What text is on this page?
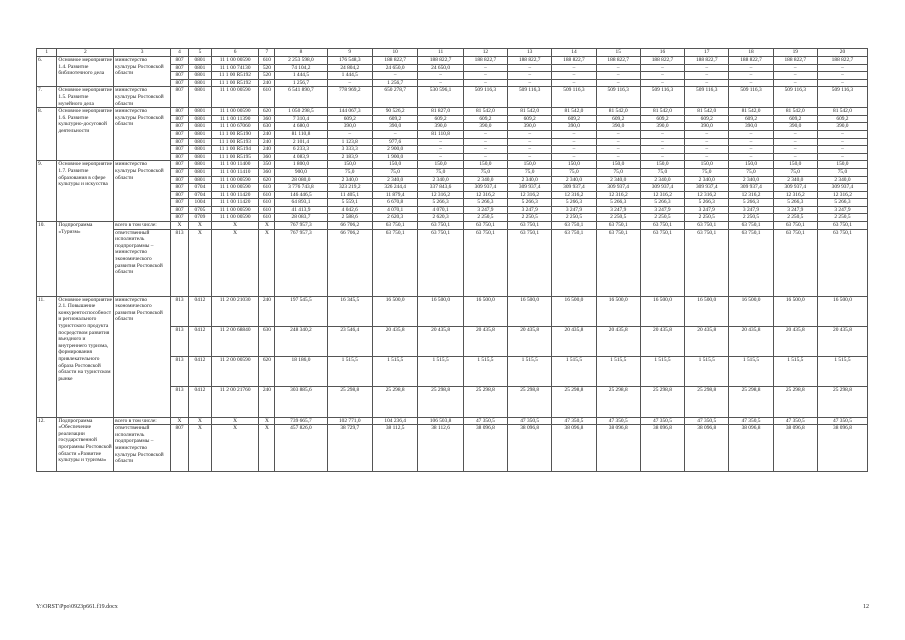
1	2	3	4	5	6	7	8	9	10	11	12	13	14	15	16	17	18	19	20
6.	Основное мероприятие 1.4. Развитие библиотечного дела	министерство культуры Ростовской области	807	0801	11 1 00 00590	610	2 253 598,0	176 548,3	188 822,7	188 822,7	188 822,7	188 822,7	188 822,7	188 822,7	188 822,7	188 822,7	188 822,7	188 822,7	188 822,7
			807	0801	11 1 00 74130	520	74 104,2	24 804,2	24 650,0	24 650,0	–	–	–	–	–	–	–	–	–
			807	0801	11 1 00 R5192	520	1 444,5	1 444,5	–	–	–	–	–	–	–	–	–	–	–
			807	0801	11 1 00 R5192	240	1 256,7	–	1 256,7	–	–	–	–	–	–	–	–	–	–
7.	Основное мероприятие 1.5. Развитие музейного дела	министерство культуры Ростовской области	807	0801	11 1 00 00590	610	6 541 890,7	778 969,2	650 278,7	530 596,1	509 116,3	509 116,3	509 116,3	509 116,3	509 116,3	509 116,3	509 116,3	509 116,3	509 116,3
8.	Основное мероприятие 1.6. Развитие культурно-досуговой деятельности	министерство культуры Ростовской области	807	0801	11 1 00 00590	620	1 050 298,5	144 067,3	90 526,2	81 827,0	81 542,0	81 542,0	81 542,0	81 542,0	81 542,0	81 542,0	81 542,0	81 542,0	81 542,0
			807	0801	11 1 00 11390	360	7 310,4	609,2	609,2	609,2	609,2	609,2	609,2	609,2	609,2	609,2	609,2	609,2	609,2
			807	0801	11 1 00 67060	630	4 680,0	390,0	390,0	390,0	390,0	390,0	390,0	390,0	390,0	390,0	390,0	390,0	390,0
			807	0801	11 1 00 R5190	240	81 110,8	–	–	81 110,8	–	–	–	–	–	–	–	–	–
			807	0801	11 1 00 R5193	240	2 101,4	1 123,8	977,6	–	–	–	–	–	–	–	–	–	–
			807	0801	11 1 00 R5194	240	6 233,3	3 333,3	2 900,0	–	–	–	–	–	–	–	–	–	–
			807	0801	11 1 00 R5195	360	4 083,9	2 183,9	1 900,0	–	–	–	–	–	–	–	–	–	–
9.	Основное мероприятие 1.7. Развитие образования в сфере культуры и искусства	министерство культуры Ростовской области	807	0801	11 1 00 11400	350	1 800,0	150,0	150,0	150,0	150,0	150,0	150,0	150,0	150,0	150,0	150,0	150,0	150,0
			807	0801	11 1 00 11410	360	900,0	75,0	75,0	75,0	75,0	75,0	75,0	75,0	75,0	75,0	75,0	75,0	75,0
			807	0801	11 1 00 00590	620	28 080,0	2 340,0	2 340,0	2 340,0	2 340,0	2 340,0	2 340,0	2 340,0	2 340,0	2 340,0	2 340,0	2 340,0	2 340,0
			807	0704	11 1 00 00590	610	3 776 743,8	323 219,2	326 244,4	337 843,6	309 937,4	309 937,4	309 937,4	309 937,4	309 937,4	309 937,4	309 937,4	309 937,4	309 937,4
			807	0704	11 1 00 11420	610	146 446,5	11 405,1	11 879,4	12 316,2	12 316,2	12 316,2	12 316,2	12 316,2	12 316,2	12 316,2	12 316,2	12 316,2	12 316,2
			807	1004	11 1 00 11420	610	64 893,1	5 559,1	6 670,8	5 266,3	5 266,3	5 266,3	5 266,3	5 266,3	5 266,3	5 266,3	5 266,3	5 266,3	5 266,3
			807	0705	11 1 00 00590	610	41 413,9	4 042,6	4 070,1	4 070,1	3 247,9	3 247,9	3 247,9	3 247,9	3 247,9	3 247,9	3 247,9	3 247,9	3 247,9
			807	0709	11 1 00 00590	610	28 083,7	2 588,6	2 620,3	2 620,3	2 250,5	2 250,5	2 250,5	2 250,5	2 250,5	2 250,5	2 250,5	2 250,5	2 250,5
10.	Подпрограмма «Туризм»	всего в том числе:	X	X	X	X	767 957,3	66 706,2	63 750,1	63 750,1	63 750,1	63 750,1	63 750,1	63 750,1	63 750,1	63 750,1	63 750,1	63 750,1	63 750,1
		ответственный исполнитель подпрограммы – министерство экономического развития Ростовской области	813	X	X	X	767 957,3	66 706,2	63 750,1	63 750,1	63 750,1	63 750,1	63 750,1	63 750,1	63 750,1	63 750,1	63 750,1	63 750,1	63 750,1
11.	Основное мероприятие 2.1. Повышение конкурентоспособности регионального туристского продукта посредством развития въездного и внутреннего туризма, формирования привлекательного образа Ростовской области на туристском рынке	министерство экономического развития Ростовской области	813	0412	11 2 00 21030	240	197 545,5	16 345,5	16 500,0	16 500,0	16 500,0	16 500,0	16 500,0	16 500,0	16 500,0	16 500,0	16 500,0	16 500,0	16 500,0
			813	0412	11 2 00 68840	630	248 340,2	23 546,4	20 435,8	20 435,8	20 435,8	20 435,8	20 435,8	20 435,8	20 435,8	20 435,8	20 435,8	20 435,8	20 435,8
			813	0412	11 2 00 00590	620	18 186,0	1 515,5	1 515,5	1 515,5	1 515,5	1 515,5	1 515,5	1 515,5	1 515,5	1 515,5	1 515,5	1 515,5	1 515,5
			813	0412	11 2 00 21760	240	303 885,6	25 298,8	25 298,8	25 298,8	25 298,8	25 298,8	25 298,8	25 298,8	25 298,8	25 298,8	25 298,8	25 298,8	25 298,8
12.	Подпрограмма «Обеспечение реализации государственной программы Ростовской области «Развитие культуры и туризма»	всего в том числе:	X	X	X	X	739 665,7	102 771,0	104 236,4	106 503,8	47 350,5	47 350,5	47 350,5	47 350,5	47 350,5	47 350,5	47 350,5	47 350,5	47 350,5
		ответственный исполнитель подпрограммы – министерство культуры Ростовской области	807	X	X	X	457 826,0	38 729,7	38 112,5	38 112,6	38 096,8	38 096,8	38 096,8	38 096,8	38 096,8	38 096,8	38 096,8	38 096,8	38 096,8
Y:\ORST\Ppo\0923p661.f19.docx	12
